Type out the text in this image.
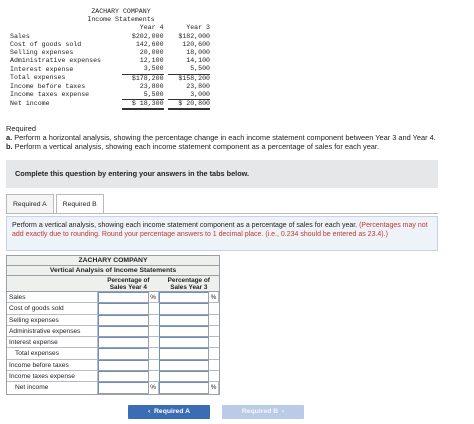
ZACHARY COMPANY
Income Statements
	Year 4		Year 3
Sales	$202,000		$182,000
Cost of goods sold	142,600		120,600
Selling expenses	20,000		18,000
Administrative expenses	12,100		14,100
Interest expense	3,500		5,500
Total expenses	$178,200		$158,200
Income before taxes	23,800		23,800
Income taxes expense	5,500		3,000
Net income	$ 18,300		$ 20,800
Required
a. Perform a horizontal analysis, showing the percentage change in each income statement component between Year 3 and Year 4.
b. Perform a vertical analysis, showing each income statement component as a percentage of sales for each year.
Complete this question by entering your answers in the tabs below.
Required A	Required B
Perform a vertical analysis, showing each income statement component as a percentage of sales for each year. (Percentages may not add exactly due to rounding. Round your percentage answers to 1 decimal place. (i.e., 0.234 should be entered as 23.4).)
ZACHARY COMPANY
Vertical Analysis of Income Statements
Percentage of
Sales Year 4
Percentage of
Sales Year 3
Sales	%	%
Cost of goods sold
Selling expenses
Administrative expenses
Interest expense
Total expenses
Income before taxes
Income taxes expense
Net income	%	%
‹ Required A	Required B ›
